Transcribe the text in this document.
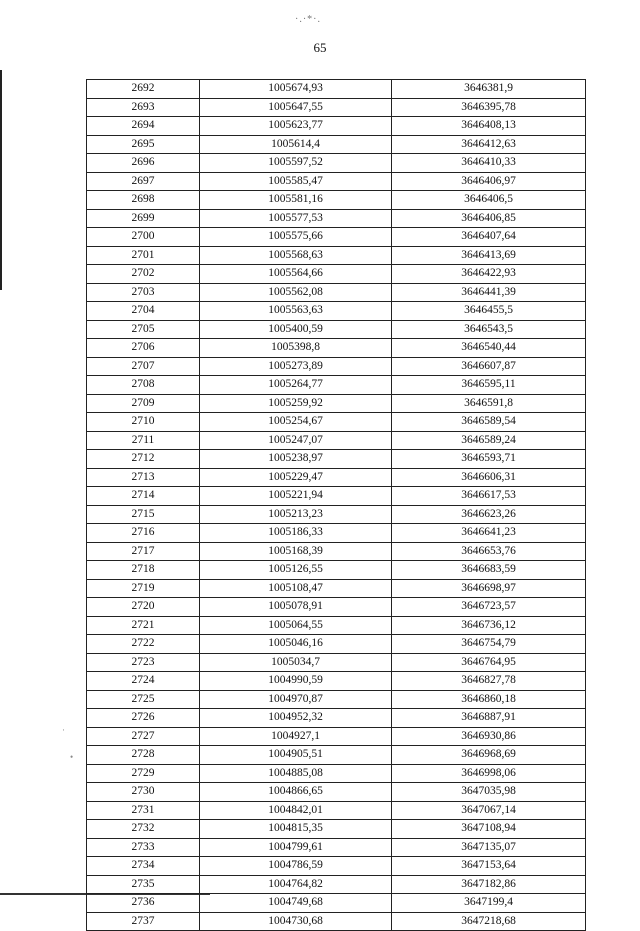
·.·*·.
65
·
•
2692	1005674,93	3646381,9
2693	1005647,55	3646395,78
2694	1005623,77	3646408,13
2695	1005614,4	3646412,63
2696	1005597,52	3646410,33
2697	1005585,47	3646406,97
2698	1005581,16	3646406,5
2699	1005577,53	3646406,85
2700	1005575,66	3646407,64
2701	1005568,63	3646413,69
2702	1005564,66	3646422,93
2703	1005562,08	3646441,39
2704	1005563,63	3646455,5
2705	1005400,59	3646543,5
2706	1005398,8	3646540,44
2707	1005273,89	3646607,87
2708	1005264,77	3646595,11
2709	1005259,92	3646591,8
2710	1005254,67	3646589,54
2711	1005247,07	3646589,24
2712	1005238,97	3646593,71
2713	1005229,47	3646606,31
2714	1005221,94	3646617,53
2715	1005213,23	3646623,26
2716	1005186,33	3646641,23
2717	1005168,39	3646653,76
2718	1005126,55	3646683,59
2719	1005108,47	3646698,97
2720	1005078,91	3646723,57
2721	1005064,55	3646736,12
2722	1005046,16	3646754,79
2723	1005034,7	3646764,95
2724	1004990,59	3646827,78
2725	1004970,87	3646860,18
2726	1004952,32	3646887,91
2727	1004927,1	3646930,86
2728	1004905,51	3646968,69
2729	1004885,08	3646998,06
2730	1004866,65	3647035,98
2731	1004842,01	3647067,14
2732	1004815,35	3647108,94
2733	1004799,61	3647135,07
2734	1004786,59	3647153,64
2735	1004764,82	3647182,86
2736	1004749,68	3647199,4
2737	1004730,68	3647218,68
